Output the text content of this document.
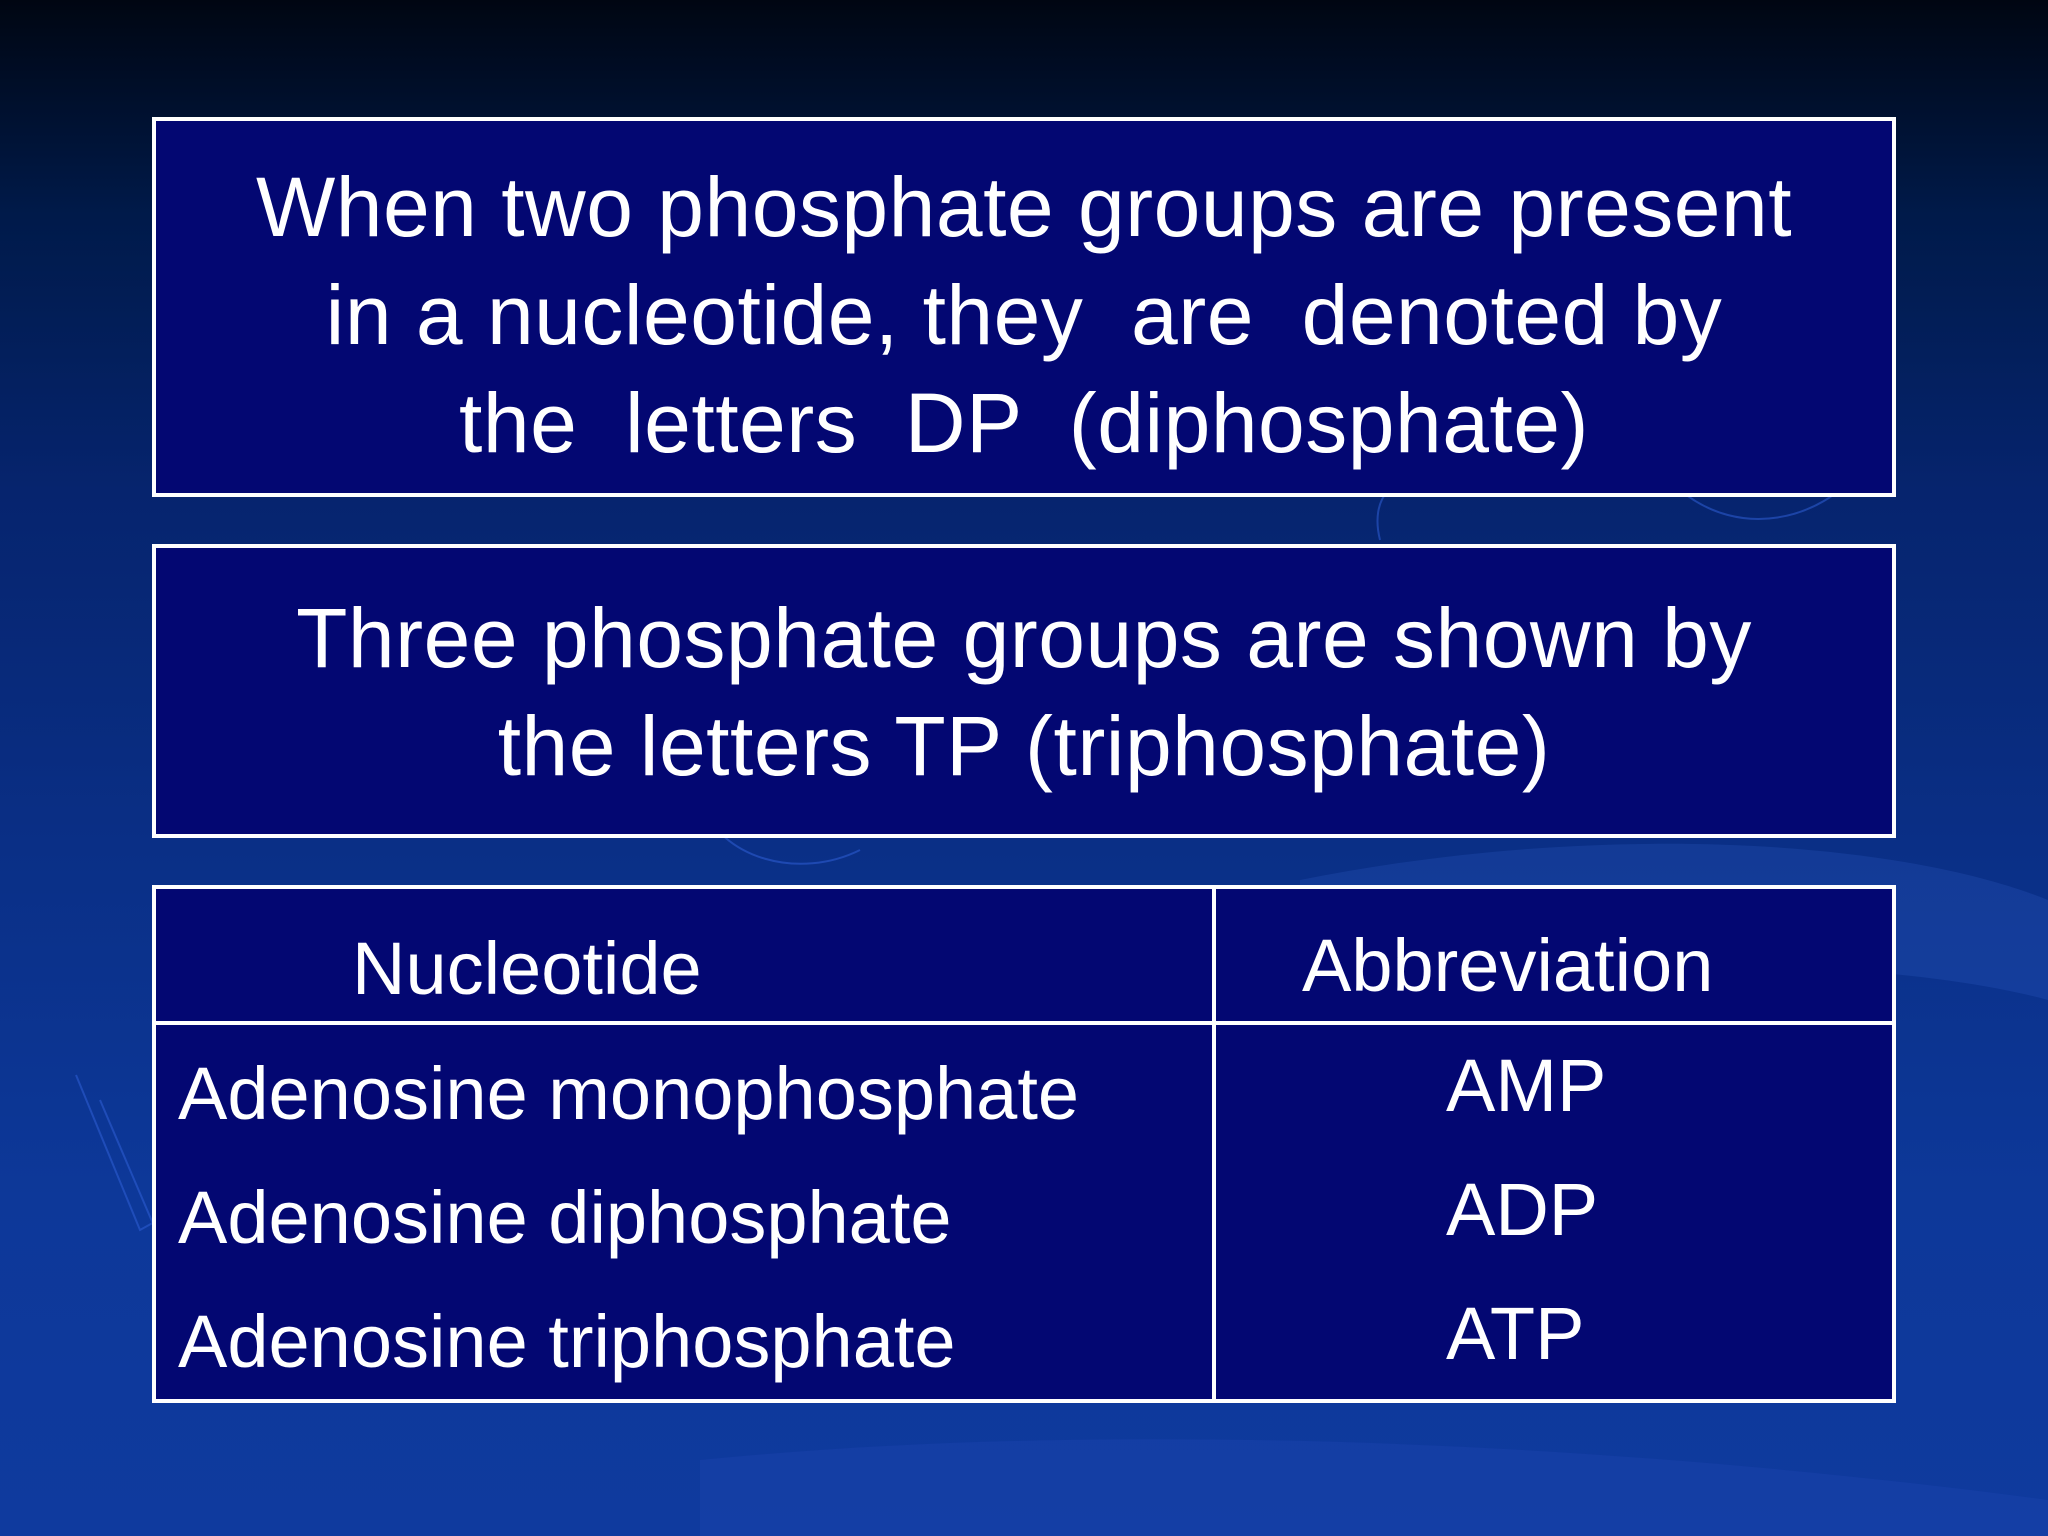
When two phosphate groups are present
in a nucleotide, they  are  denoted by
the  letters  DP  (diphosphate)
Three phosphate groups are shown by
the letters TP (triphosphate)
Nucleotide	Abbreviation
Adenosine monophosphate	AMP
Adenosine diphosphate	ADP
Adenosine triphosphate	ATP
